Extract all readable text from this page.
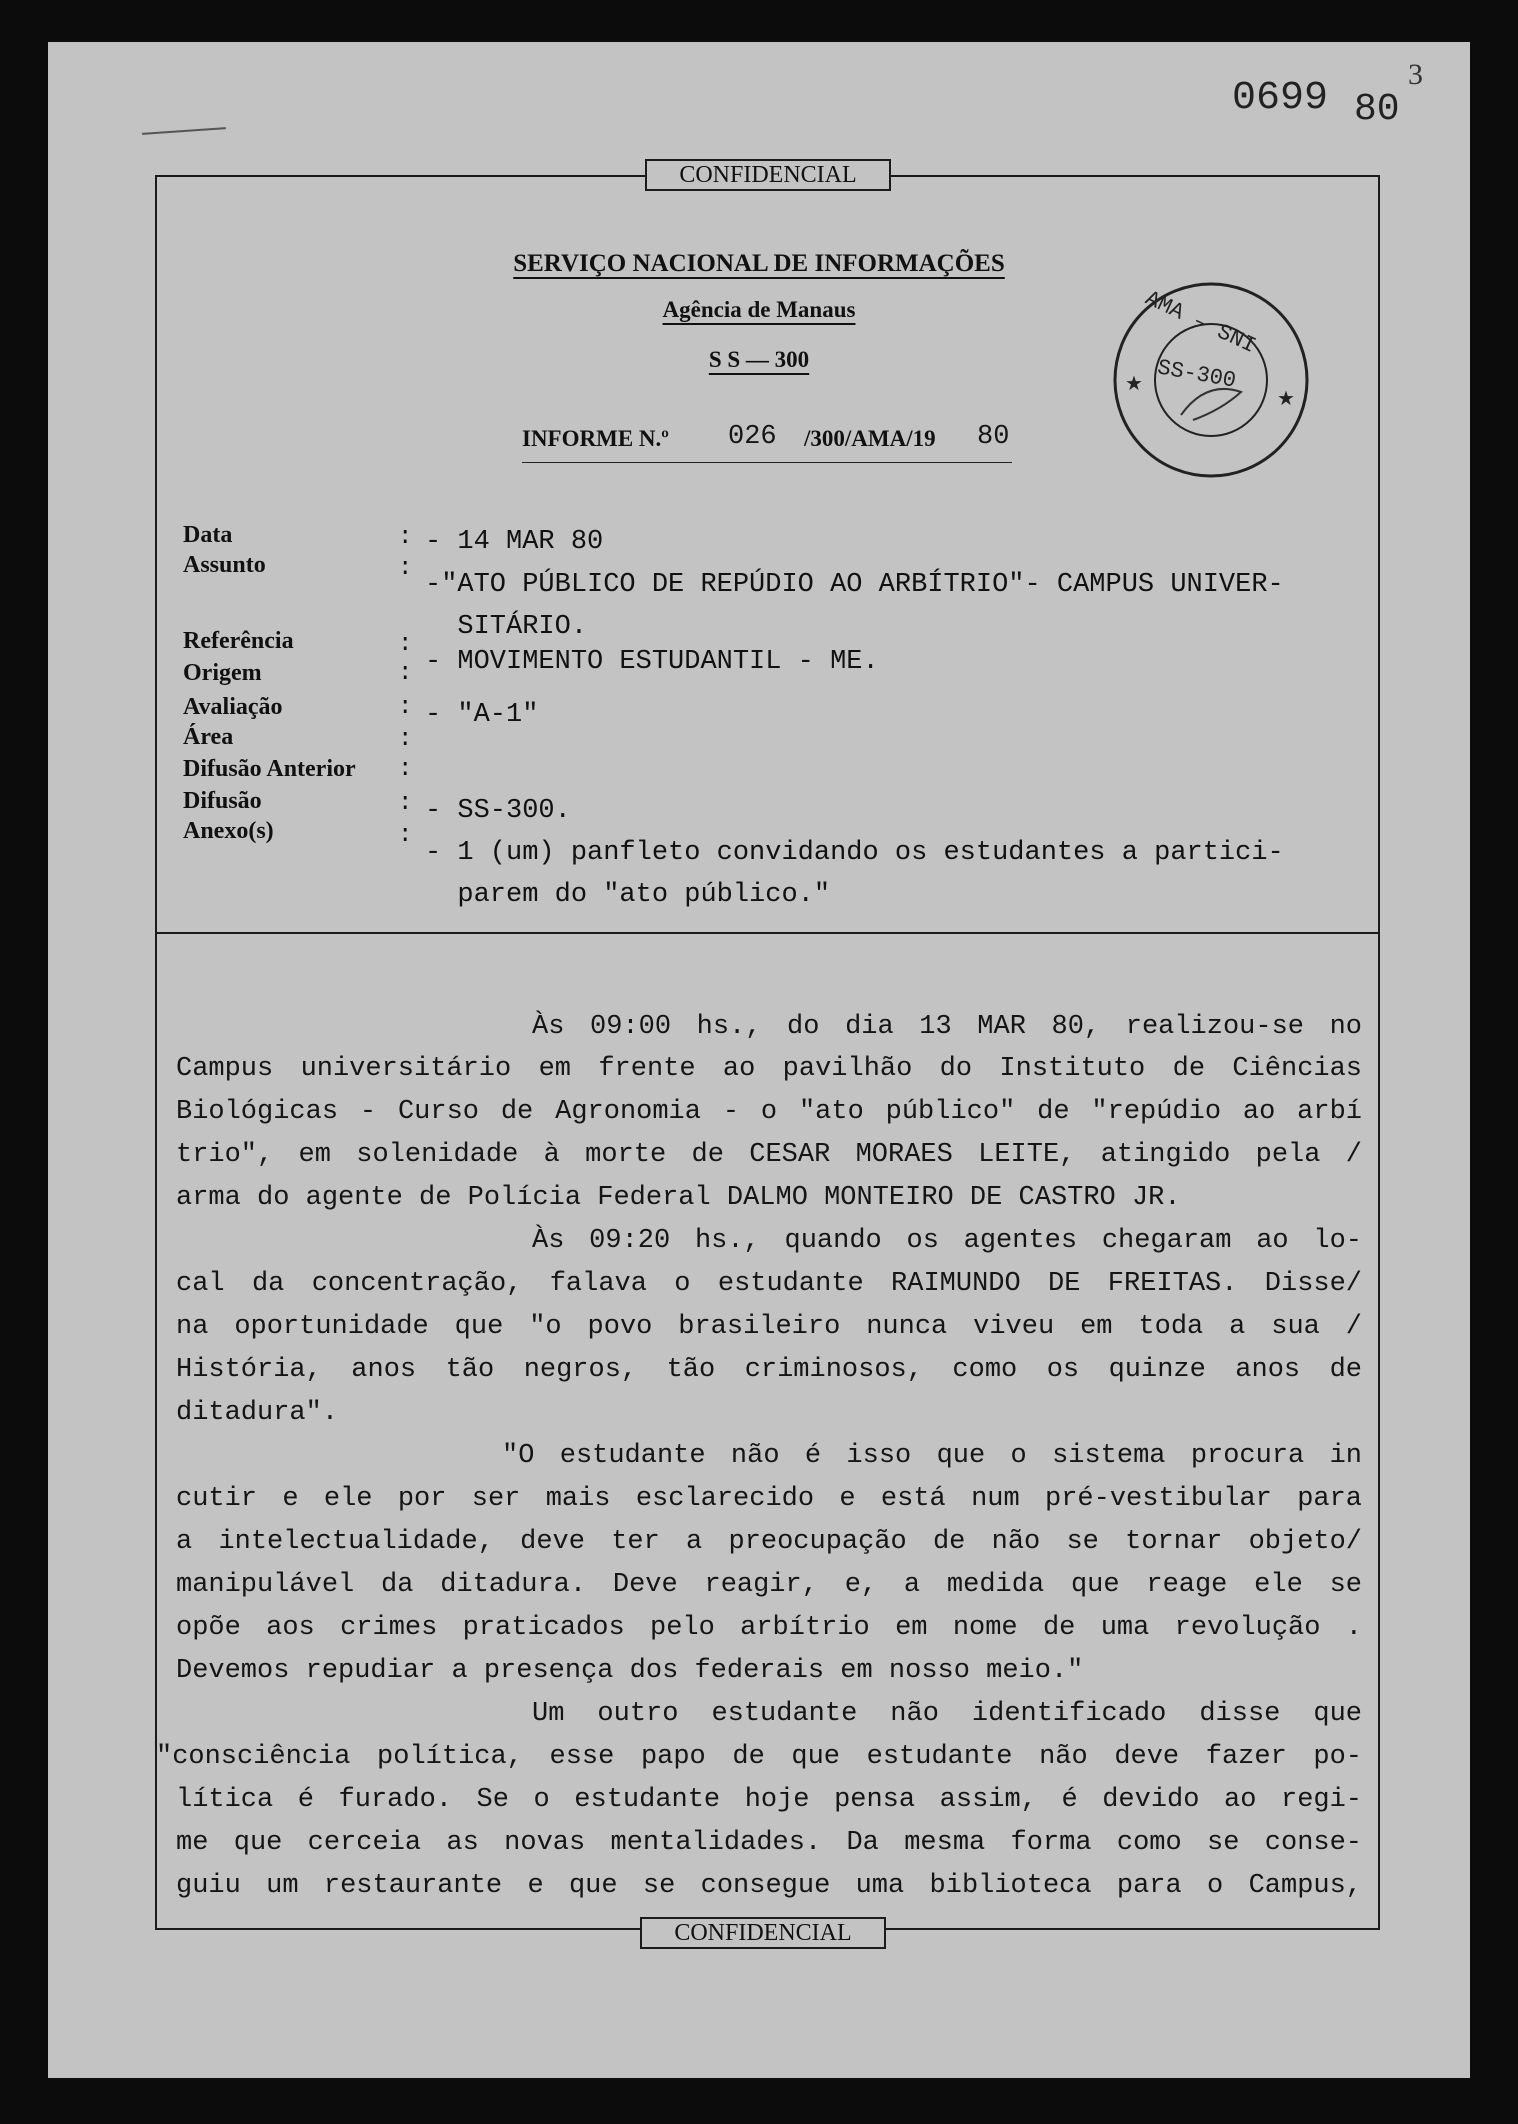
0699 80
3
CONFIDENCIAL
CONFIDENCIAL
SERVIÇO NACIONAL DE INFORMAÇÕES
Agência de Manaus
S S — 300
INFORME N.º 026 /300/AMA/19 80
★
★
AMA – SNI
SS-300
Data	: - 14 MAR 80
Assunto	:
-"ATO PÚBLICO DE REPÚDIO AO ARBÍTRIO"- CAMPUS UNIVER-
SITÁRIO.
Referência	:
Origem	: - MOVIMENTO ESTUDANTIL - ME.
Avaliação	: - "A-1"
Área	:
Difusão Anterior :
Difusão	: - SS-300.
Anexo(s)	:
- 1 (um) panfleto convidando os estudantes a partici-
parem do "ato público."
Às 09:00 hs., do dia 13 MAR 80, realizou-se no
Campus universitário em frente ao pavilhão do Instituto de Ciências
Biológicas - Curso de Agronomia - o "ato público" de "repúdio ao arbí
trio", em solenidade à morte de CESAR MORAES LEITE, atingido pela /
arma do agente de Polícia Federal DALMO MONTEIRO DE CASTRO JR.
Às 09:20 hs., quando os agentes chegaram ao lo-
cal da concentração, falava o estudante RAIMUNDO DE FREITAS. Disse/
na oportunidade que "o povo brasileiro nunca viveu em toda a sua /
História, anos tão negros, tão criminosos, como os quinze anos de
ditadura".
"O estudante não é isso que o sistema procura in
cutir e ele por ser mais esclarecido e está num pré-vestibular para
a intelectualidade, deve ter a preocupação de não se tornar objeto/
manipulável da ditadura. Deve reagir, e, a medida que reage ele se
opõe aos crimes praticados pelo arbítrio em nome de uma revolução .
Devemos repudiar a presença dos federais em nosso meio."
Um outro estudante não identificado disse que
"consciência política, esse papo de que estudante não deve fazer po-
lítica é furado. Se o estudante hoje pensa assim, é devido ao regi-
me que cerceia as novas mentalidades. Da mesma forma como se conse-
guiu um restaurante e que se consegue uma biblioteca para o Campus,
